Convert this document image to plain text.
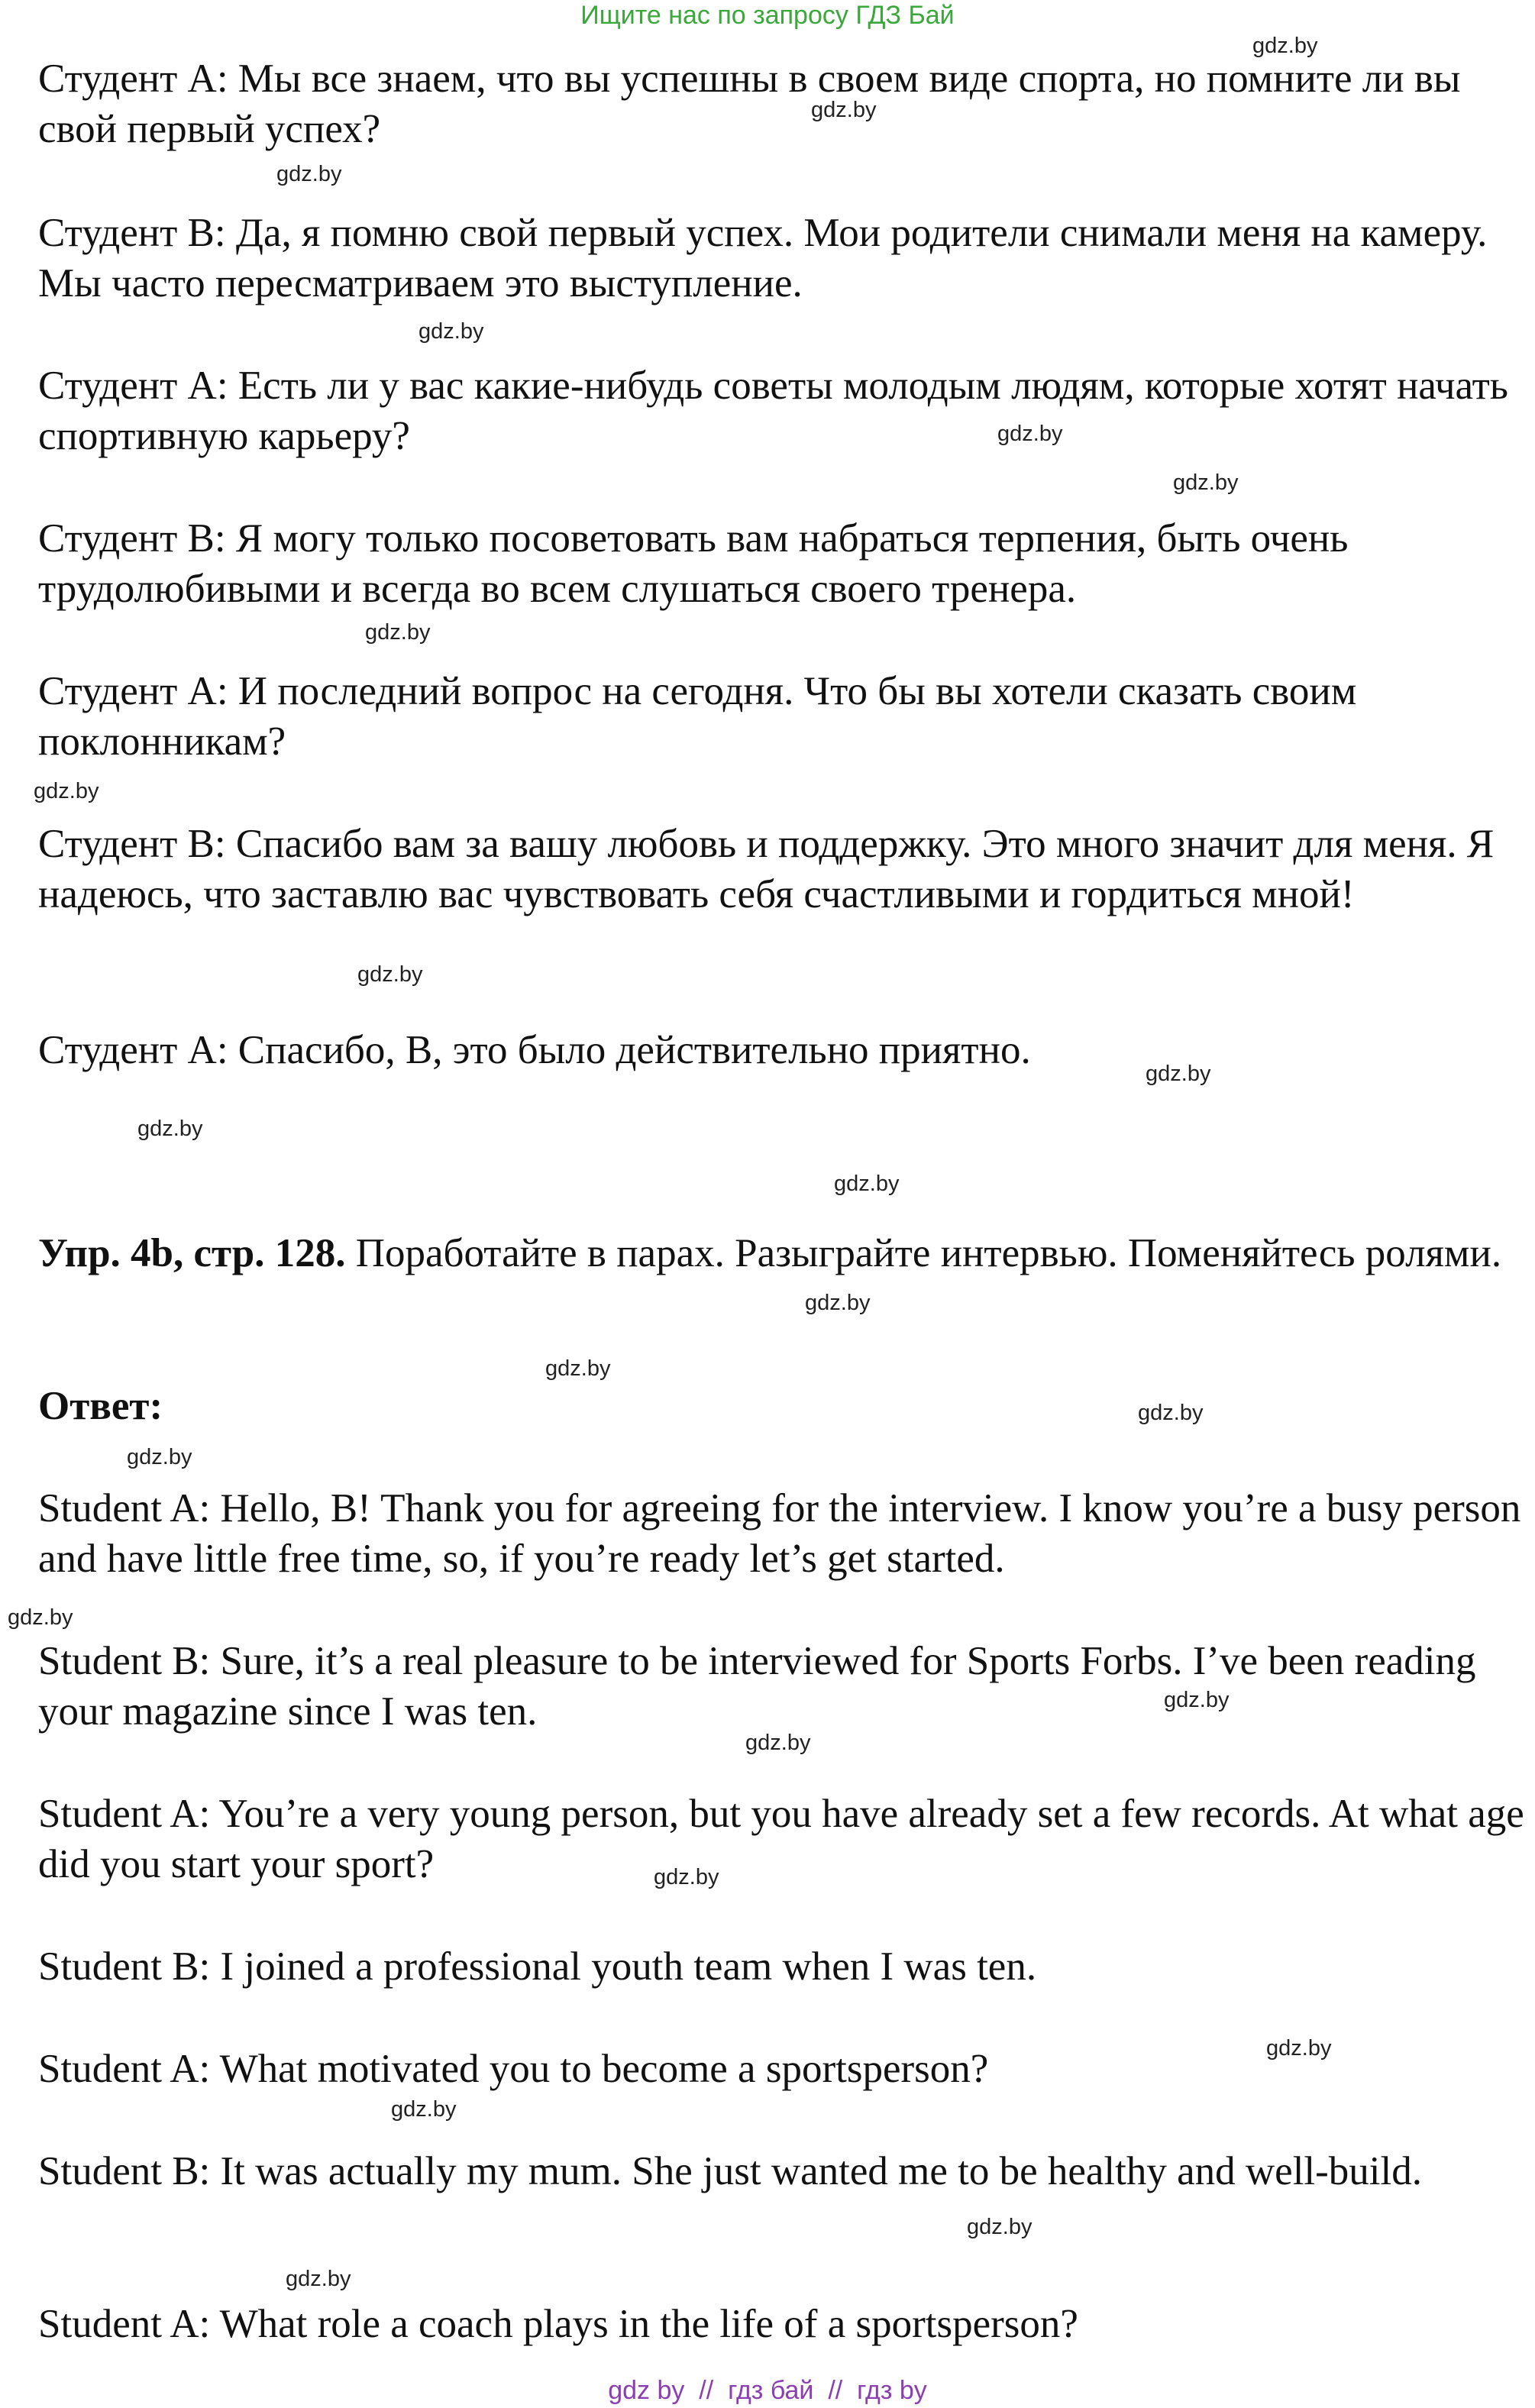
Ищите нас по запросу ГДЗ Бай

Студент A: Мы все знаем, что вы успешны в своем виде спорта, но помните ли вы свой первый успех?

Студент B: Да, я помню свой первый успех. Мои родители снимали меня на камеру. Мы часто пересматриваем это выступление.

Студент A: Есть ли у вас какие-нибудь советы молодым людям, которые хотят начать спортивную карьеру?

Студент B: Я могу только посоветовать вам набраться терпения, быть очень трудолюбивыми и всегда во всем слушаться своего тренера.

Студент A: И последний вопрос на сегодня. Что бы вы хотели сказать своим поклонникам?

Студент B: Спасибо вам за вашу любовь и поддержку. Это много значит для меня. Я надеюсь, что заставлю вас чувствовать себя счастливыми и гордиться мной!

Студент A: Спасибо, B, это было действительно приятно.

Упр. 4b, стр. 128. Поработайте в парах. Разыграйте интервью. Поменяйтесь ролями.

Ответ:

Student A: Hello, B! Thank you for agreeing for the interview. I know you’re a busy person and have little free time, so, if you’re ready let’s get started.

Student B: Sure, it’s a real pleasure to be interviewed for Sports Forbs. I’ve been reading your magazine since I was ten.

Student A: You’re a very young person, but you have already set a few records. At what age did you start your sport?

Student B: I joined a professional youth team when I was ten.

Student A: What motivated you to become a sportsperson?

Student B: It was actually my mum. She just wanted me to be healthy and well-build.

Student A: What role a coach plays in the life of a sportsperson?

gdz.by
gdz.by
gdz.by
gdz.by
gdz.by
gdz.by
gdz.by
gdz.by
gdz.by
gdz.by
gdz.by
gdz.by
gdz.by
gdz.by
gdz.by
gdz.by
gdz.by
gdz.by
gdz.by
gdz.by
gdz.by
gdz.by
gdz.by
gdz.by
gdz by  //  гдз бай  //  гдз by
